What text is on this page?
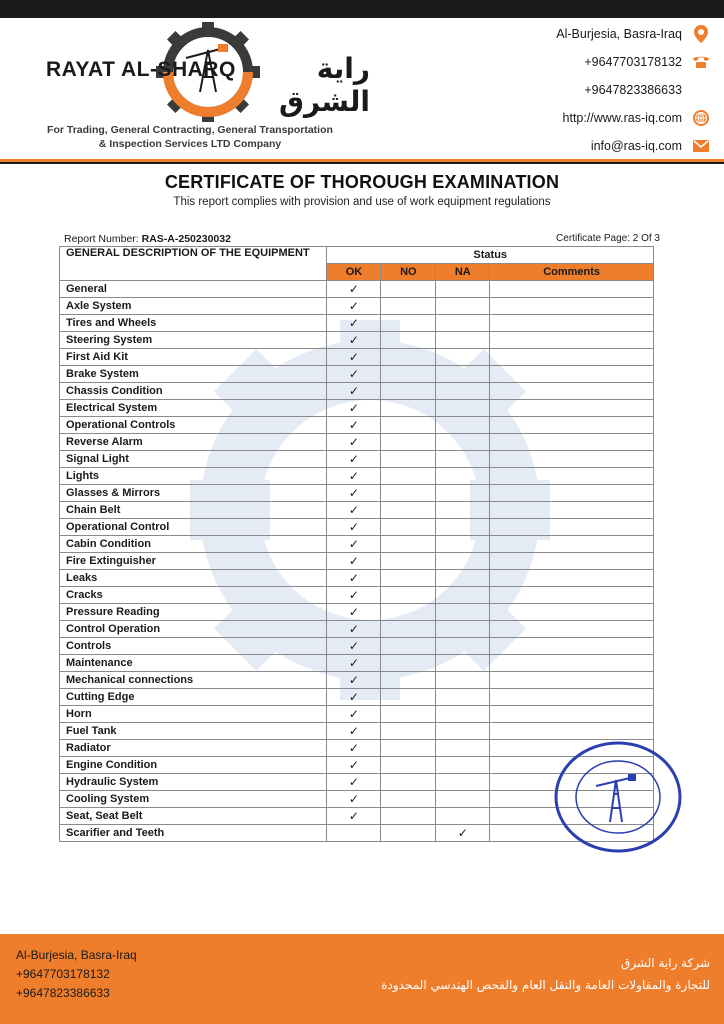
RAYAT AL-SHARQ	راية الشرق
For Trading, General Contracting, General Transportation
& Inspection Services LTD Company
Al-Burjesia, Basra-Iraq
+9647703178132
+9647823386633
http://www.ras-iq.com
info@ras-iq.com
CERTIFICATE OF THOROUGH EXAMINATION
This report complies with provision and use of work equipment regulations
Report Number: RAS-A-250230032	Certificate Page: 2 Of 3
GENERAL DESCRIPTION OF THE EQUIPMENT	Status			
	OK	NO	NA	Comments
General	✓			
Axle System	✓			
Tires and Wheels	✓			
Steering System	✓			
First Aid Kit	✓			
Brake System	✓			
Chassis Condition	✓			
Electrical System	✓			
Operational Controls	✓			
Reverse Alarm	✓			
Signal Light	✓			
Lights	✓			
Glasses & Mirrors	✓			
Chain Belt	✓			
Operational Control	✓			
Cabin Condition	✓			
Fire Extinguisher	✓			
Leaks	✓			
Cracks	✓			
Pressure Reading	✓			
Control Operation	✓			
Controls	✓			
Maintenance	✓			
Mechanical connections	✓			
Cutting Edge	✓			
Horn	✓			
Fuel Tank	✓			
Radiator	✓			
Engine Condition	✓			
Hydraulic System	✓			
Cooling System	✓			
Seat, Seat Belt	✓			
Scarifier and Teeth			✓	
Al-Burjesia, Basra-Iraq
+9647703178132
+9647823386633
شركة راية الشرق
للتجارة والمقاولات العامة والنقل العام والفحص الهندسي المحدودة
